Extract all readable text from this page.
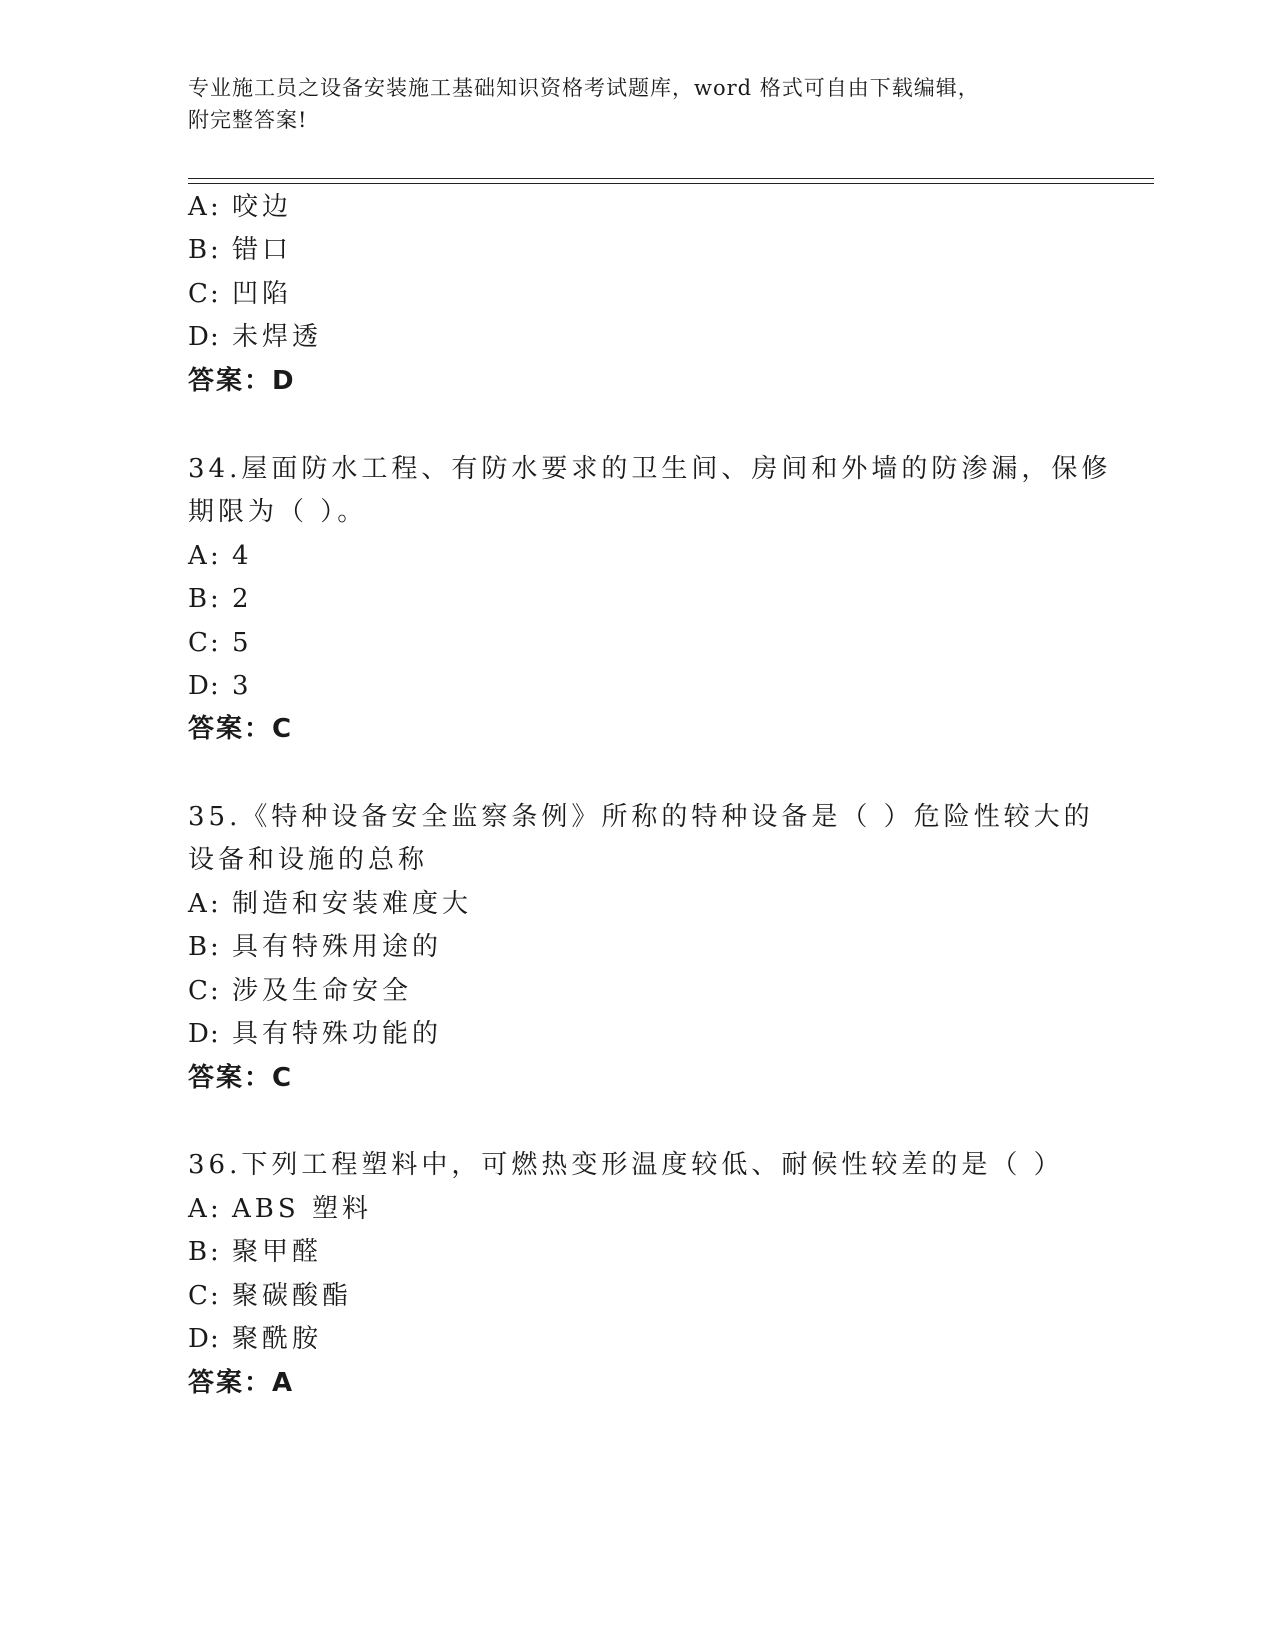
专业施工员之设备安装施工基础知识资格考试题库，word 格式可自由下载编辑，
附完整答案!
A : 咬边
B : 错口
C: 凹陷
D: 未焊透
答案：D
34.屋面防水工程、有防水要求的卫生间、房间和外墙的防渗漏，保修
期限为（ ）。
A : 4
B : 2
C: 5
D: 3
答案：C
35.《特种设备安全监察条例》所称的特种设备是（ ）危险性较大的
设备和设施的总称
A : 制造和安装难度大
B : 具有特殊用途的
C: 涉及生命安全
D: 具有特殊功能的
答案：C
36.下列工程塑料中，可燃热变形温度较低、耐候性较差的是（ ）
A : ABS 塑料
B : 聚甲醛
C: 聚碳酸酯
D: 聚酰胺
答案：A
